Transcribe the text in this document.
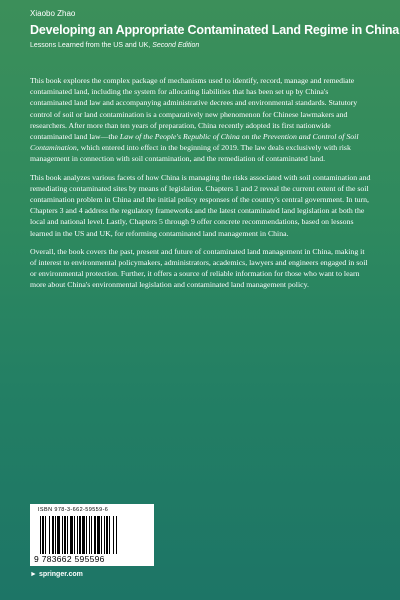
Xiaobo Zhao
Developing an Appropriate Contaminated Land Regime in China
Lessons Learned from the US and UK, Second Edition

This book explores the complex package of mechanisms used to identify, record, manage and remediate contaminated land, including the system for allocating liabilities that has been set up by China's contaminated land law and accompanying administrative decrees and environmental standards. Statutory control of soil or land contamination is a comparatively new phenomenon for Chinese lawmakers and researchers. After more than ten years of preparation, China recently adopted its first nationwide contaminated land law—the Law of the People's Republic of China on the Prevention and Control of Soil Contamination, which entered into effect in the beginning of 2019. The law deals exclusively with risk management in connection with soil contamination, and the remediation of contaminated land.

This book analyzes various facets of how China is managing the risks associated with soil contamination and remediating contaminated sites by means of legislation. Chapters 1 and 2 reveal the current extent of the soil contamination problem in China and the initial policy responses of the country's central government. In turn, Chapters 3 and 4 address the regulatory frameworks and the latest contaminated land legislation at both the local and national level. Lastly, Chapters 5 through 9 offer concrete recommendations, based on lessons learned in the US and UK, for reforming contaminated land management in China.

Overall, the book covers the past, present and future of contaminated land management in China, making it of interest to environmental policymakers, administrators, academics, lawyers and engineers engaged in soil or environmental protection. Further, it offers a source of reliable information for those who want to learn more about China's environmental legislation and contaminated land management policy.

ISBN 978-3-662-59559-6
9 783662 595596
► springer.com
